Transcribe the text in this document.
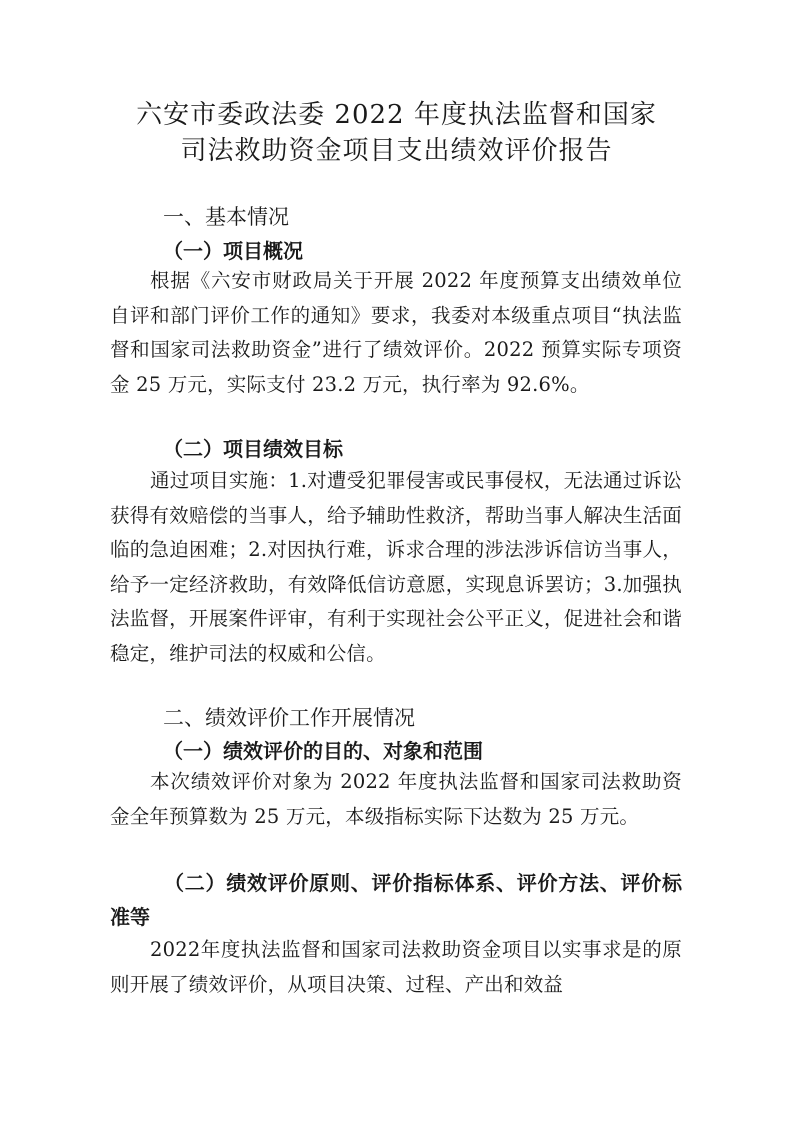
六安市委政法委 2022 年度执法监督和国家
司法救助资金项目支出绩效评价报告
一、基本情况
（一）项目概况
根据《六安市财政局关于开展 2022 年度预算支出绩效单位自评和部门评价工作的通知》要求，我委对本级重点项目“执法监督和国家司法救助资金”进行了绩效评价。2022 预算实际专项资金 25 万元，实际支付 23.2 万元，执行率为 92.6%。
（二）项目绩效目标
通过项目实施：1.对遭受犯罪侵害或民事侵权，无法通过诉讼获得有效赔偿的当事人，给予辅助性救济，帮助当事人解决生活面临的急迫困难；2.对因执行难，诉求合理的涉法涉诉信访当事人，给予一定经济救助，有效降低信访意愿，实现息诉罢访；3.加强执法监督，开展案件评审，有利于实现社会公平正义，促进社会和谐稳定，维护司法的权威和公信。
二、绩效评价工作开展情况
（一）绩效评价的目的、对象和范围
本次绩效评价对象为 2022 年度执法监督和国家司法救助资金全年预算数为 25 万元，本级指标实际下达数为 25 万元。
（二）绩效评价原则、评价指标体系、评价方法、评价标准等
2022年度执法监督和国家司法救助资金项目以实事求是的原则开展了绩效评价，从项目决策、过程、产出和效益
